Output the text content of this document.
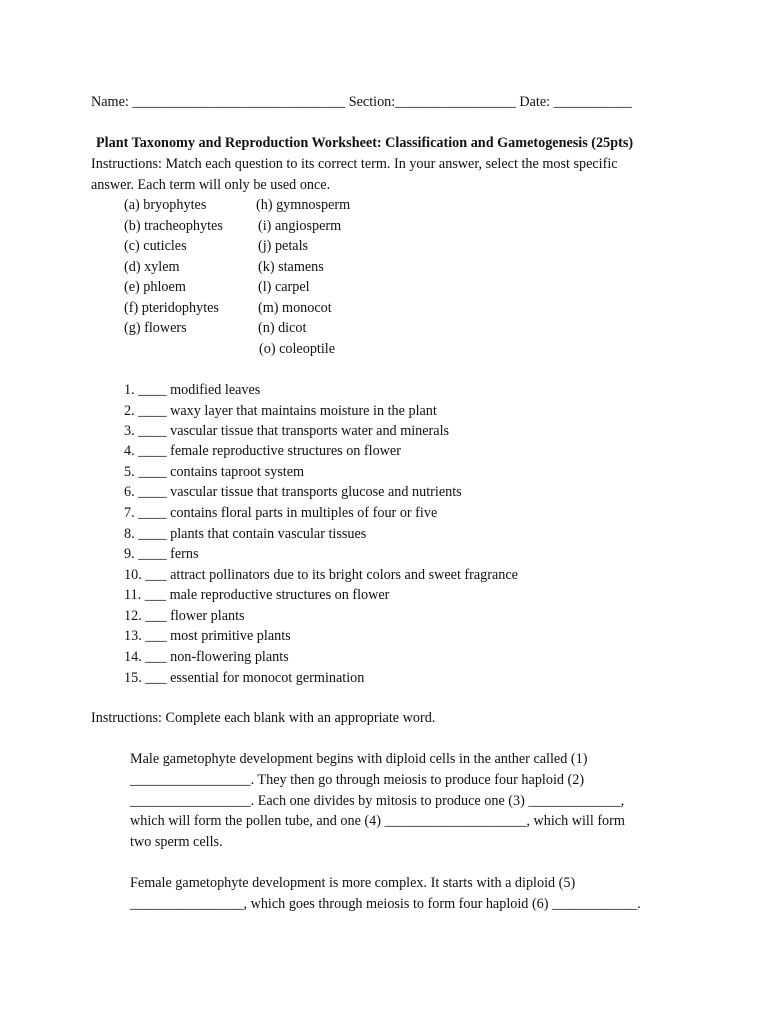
Name: ______________________________ Section:_________________ Date: ___________
Plant Taxonomy and Reproduction Worksheet: Classification and Gametogenesis (25pts)
Instructions: Match each question to its correct term. In your answer, select the most specific
answer. Each term will only be used once.
(a) bryophytes
(b) tracheophytes
(c) cuticles
(d) xylem
(e) phloem
(f) pteridophytes
(g) flowers
(h) gymnosperm
(i) angiosperm
(j) petals
(k) stamens
(l) carpel
(m) monocot
(n) dicot
(o) coleoptile
1. ____ modified leaves
2. ____ waxy layer that maintains moisture in the plant
3. ____ vascular tissue that transports water and minerals
4. ____ female reproductive structures on flower
5. ____ contains taproot system
6. ____ vascular tissue that transports glucose and nutrients
7. ____ contains floral parts in multiples of four or five
8. ____ plants that contain vascular tissues
9. ____ ferns
10. ___ attract pollinators due to its bright colors and sweet fragrance
11. ___ male reproductive structures on flower
12. ___ flower plants
13. ___ most primitive plants
14. ___ non-flowering plants
15. ___ essential for monocot germination
Instructions: Complete each blank with an appropriate word.
Male gametophyte development begins with diploid cells in the anther called (1)
_________________. They then go through meiosis to produce four haploid (2)
_________________. Each one divides by mitosis to produce one (3) _____________,
which will form the pollen tube, and one (4) ____________________, which will form
two sperm cells.
Female gametophyte development is more complex. It starts with a diploid (5)
________________, which goes through meiosis to form four haploid (6) ____________.
